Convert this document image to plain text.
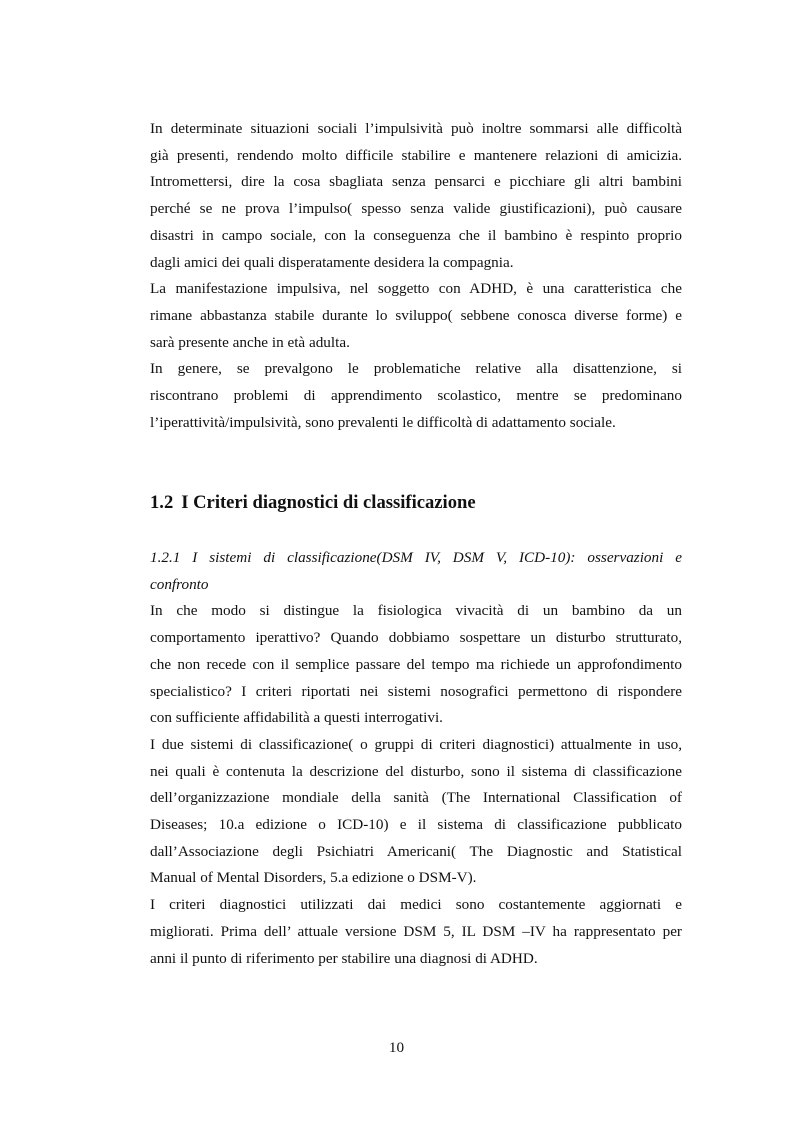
In determinate situazioni sociali l’impulsività può inoltre sommarsi alle difficoltà

già presenti, rendendo molto difficile stabilire e mantenere relazioni di amicizia.

Intromettersi, dire la cosa sbagliata senza pensarci e picchiare gli altri bambini

perché se ne prova l’impulso( spesso senza valide giustificazioni), può causare

disastri in campo sociale, con la conseguenza che il bambino è respinto proprio

dagli amici dei quali disperatamente desidera la compagnia.

La manifestazione impulsiva, nel soggetto con ADHD, è una caratteristica che

rimane abbastanza stabile durante lo sviluppo( sebbene conosca diverse forme) e

sarà presente anche in età adulta.

In genere, se prevalgono le problematiche relative alla disattenzione, si

riscontrano problemi di apprendimento scolastico, mentre se predominano

l’iperattività/impulsività, sono prevalenti le difficoltà di adattamento sociale.

1.2 I Criteri diagnostici di classificazione

1.2.1 I sistemi di classificazione(DSM IV, DSM V, ICD-10): osservazioni e

confronto

In che modo si distingue la fisiologica vivacità di un bambino da un

comportamento iperattivo? Quando dobbiamo sospettare un disturbo strutturato,

che non recede con il semplice passare del tempo ma richiede un approfondimento

specialistico? I criteri riportati nei sistemi nosografici permettono di rispondere

con sufficiente affidabilità a questi interrogativi.

I due sistemi di classificazione( o gruppi di criteri diagnostici) attualmente in uso,

nei quali è contenuta la descrizione del disturbo, sono il sistema di classificazione

dell’organizzazione mondiale della sanità (The International Classification of

Diseases; 10.a edizione o ICD-10) e il sistema di classificazione pubblicato

dall’Associazione degli Psichiatri Americani( The Diagnostic and Statistical

Manual of Mental Disorders, 5.a edizione o DSM-V).

I criteri diagnostici utilizzati dai medici sono costantemente aggiornati e

migliorati. Prima dell’ attuale versione DSM 5, IL DSM –IV ha rappresentato per

anni il punto di riferimento per stabilire una diagnosi di ADHD.

10
